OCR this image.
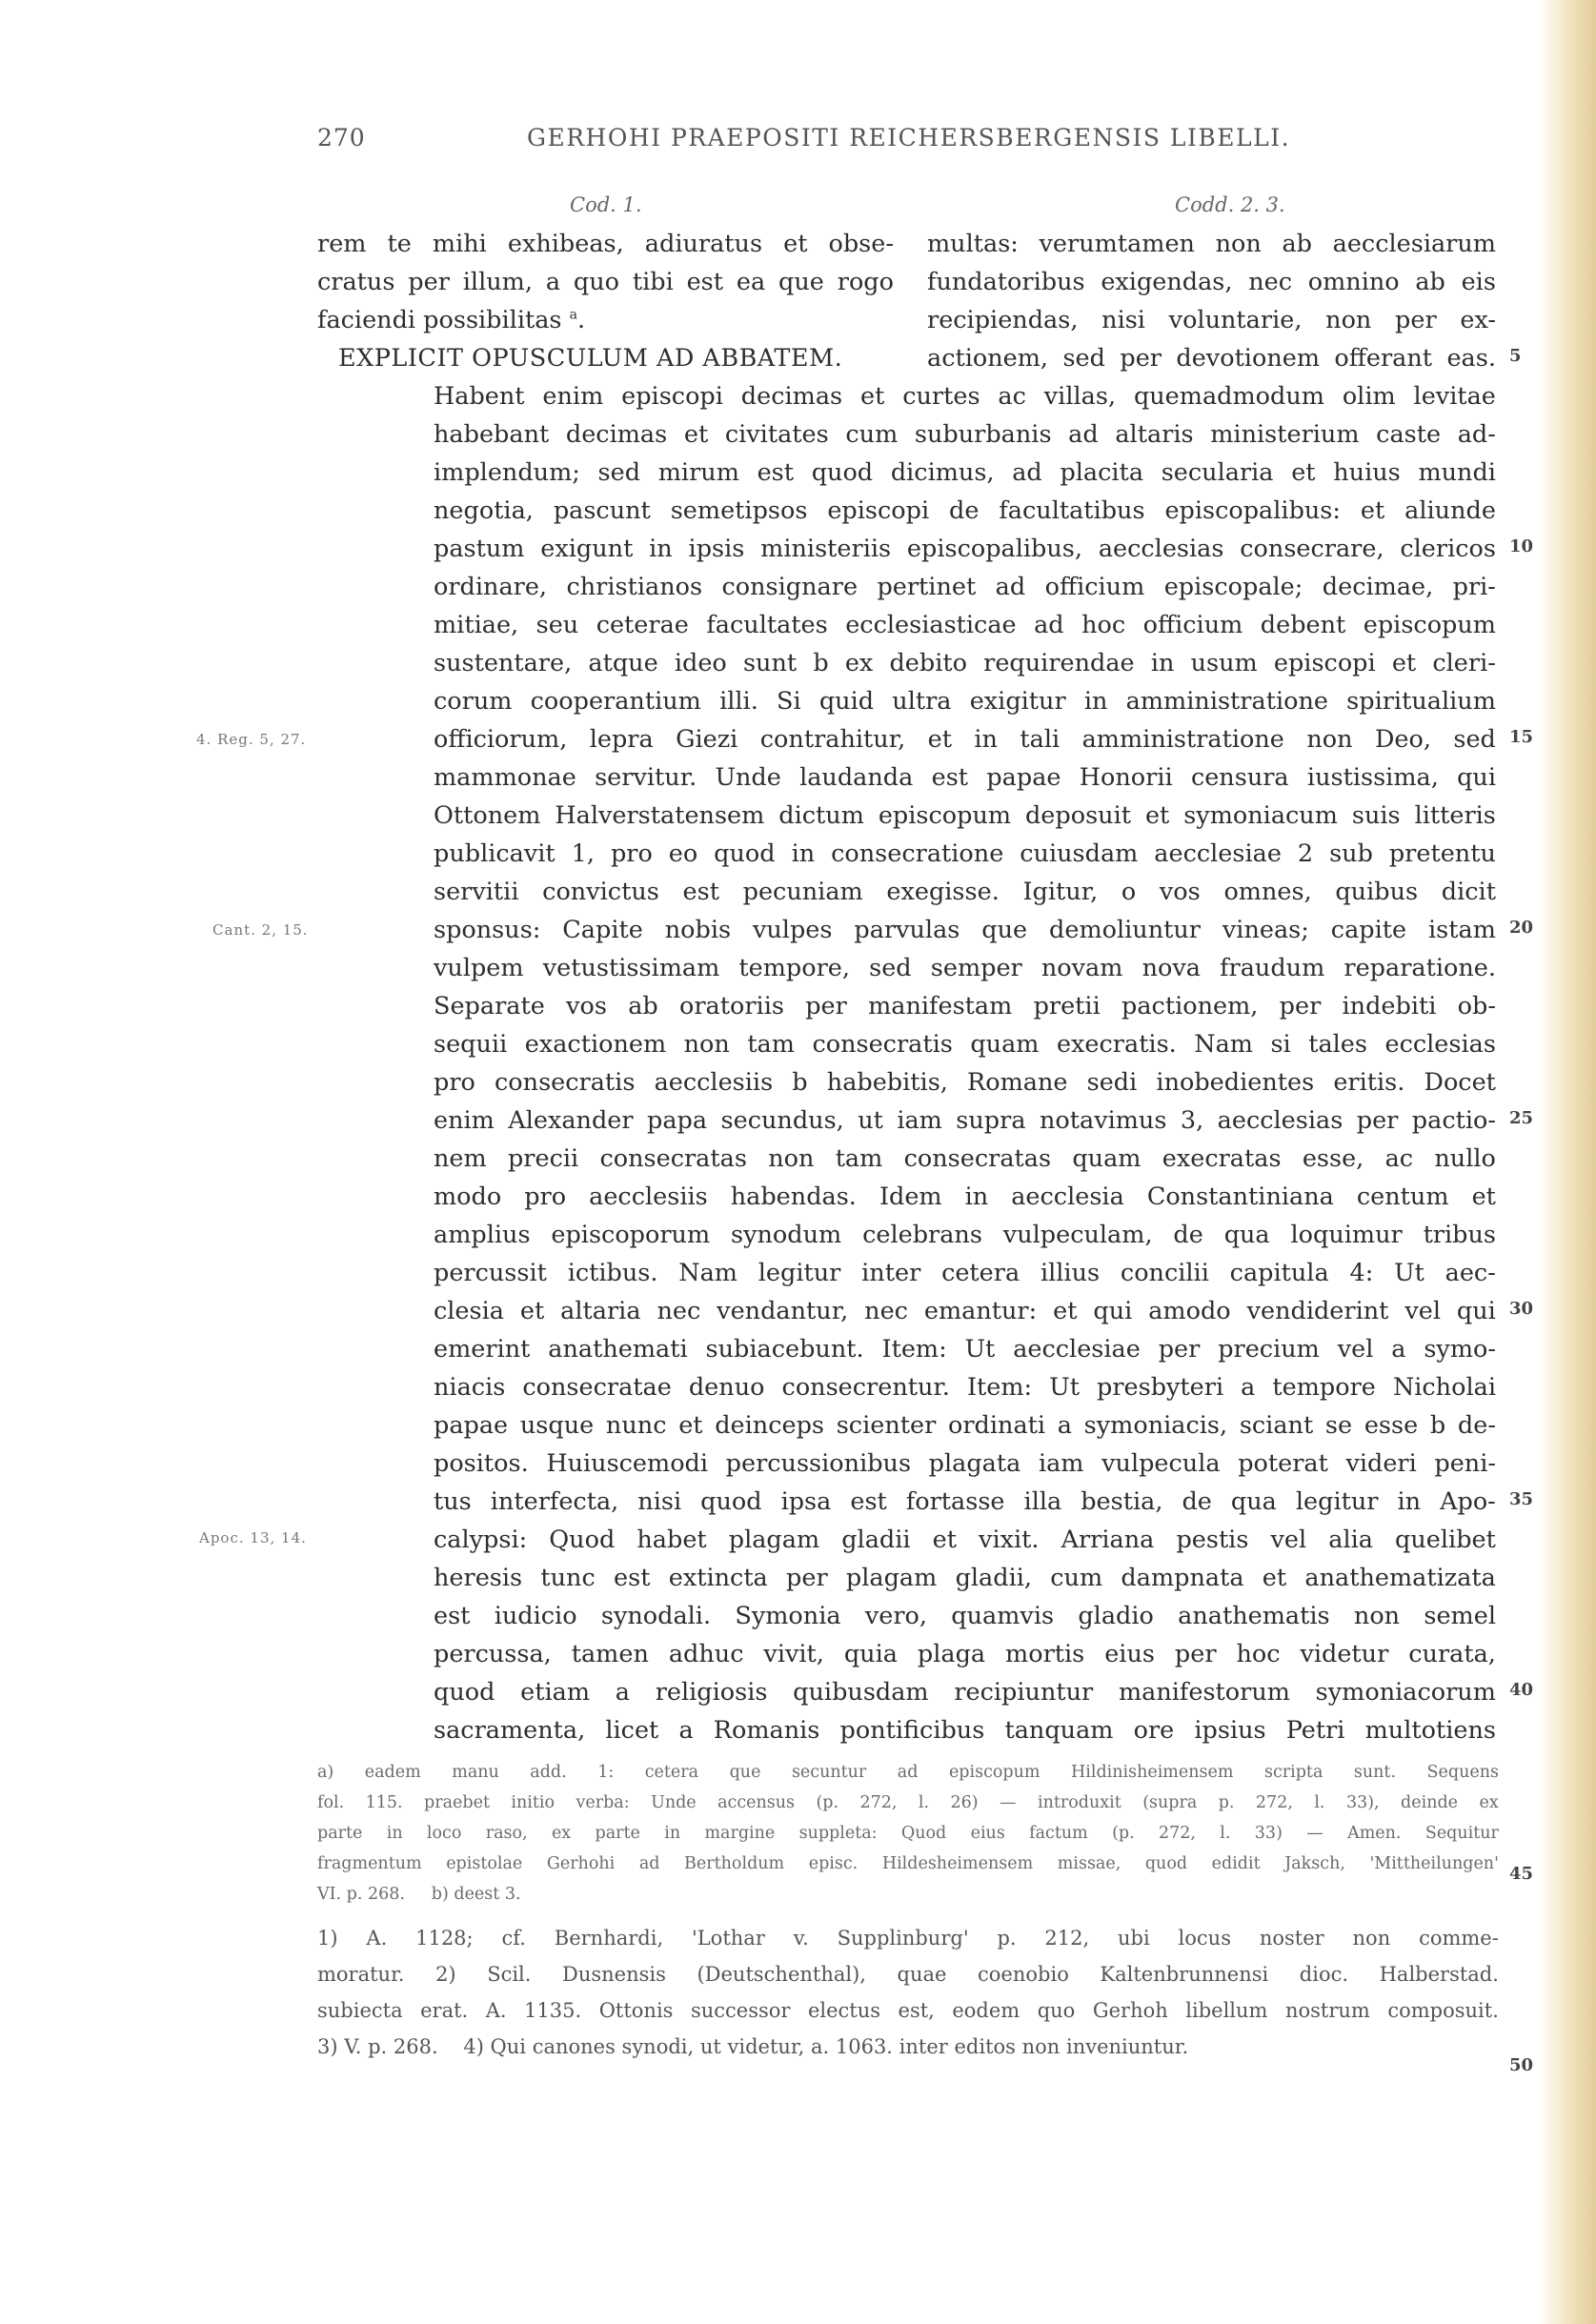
270	GERHOHI PRAEPOSITI REICHERSBERGENSIS LIBELLI.
Cod. 1.	Codd. 2. 3.
rem te mihi exhibeas, adiuratus et obse-
cratus per illum, a quo tibi est ea que rogo
faciendi possibilitas $^a$.
EXPLICIT OPUSCULUM AD ABBATEM.
multas: verumtamen non ab aecclesiarum
fundatoribus exigendas, nec omnino ab eis
recipiendas, nisi voluntarie, non per ex-
actionem, sed per devotionem offerant eas.
Habent enim episcopi decimas et curtes ac villas, quemadmodum olim levitae
habebant decimas et civitates cum suburbanis ad altaris ministerium caste ad-
implendum; sed mirum est quod dicimus, ad placita secularia et huius mundi
negotia, pascunt semetipsos episcopi de facultatibus episcopalibus: et aliunde
pastum exigunt in ipsis ministeriis episcopalibus, aecclesias consecrare, clericos
ordinare, christianos consignare pertinet ad officium episcopale; decimae, pri-
mitiae, seu ceterae facultates ecclesiasticae ad hoc officium debent episcopum
sustentare, atque ideo sunt b ex debito requirendae in usum episcopi et cleri-
corum cooperantium illi. Si quid ultra exigitur in amministratione spiritualium
officiorum, lepra Giezi contrahitur, et in tali amministratione non Deo, sed
mammonae servitur. Unde laudanda est papae Honorii censura iustissima, qui
Ottonem Halverstatensem dictum episcopum deposuit et symoniacum suis litteris
publicavit 1, pro eo quod in consecratione cuiusdam aecclesiae 2 sub pretentu
servitii convictus est pecuniam exegisse. Igitur, o vos omnes, quibus dicit
sponsus: Capite nobis vulpes parvulas que demoliuntur vineas; capite istam
vulpem vetustissimam tempore, sed semper novam nova fraudum reparatione.
Separate vos ab oratoriis per manifestam pretii pactionem, per indebiti ob-
sequii exactionem non tam consecratis quam execratis. Nam si tales ecclesias
pro consecratis aecclesiis b habebitis, Romane sedi inobedientes eritis. Docet
enim Alexander papa secundus, ut iam supra notavimus 3, aecclesias per pactio-
nem precii consecratas non tam consecratas quam execratas esse, ac nullo
modo pro aecclesiis habendas. Idem in aecclesia Constantiniana centum et
amplius episcoporum synodum celebrans vulpeculam, de qua loquimur tribus
percussit ictibus. Nam legitur inter cetera illius concilii capitula 4: Ut aec-
clesia et altaria nec vendantur, nec emantur: et qui amodo vendiderint vel qui
emerint anathemati subiacebunt. Item: Ut aecclesiae per precium vel a symo-
niacis consecratae denuo consecrentur. Item: Ut presbyteri a tempore Nicholai
papae usque nunc et deinceps scienter ordinati a symoniacis, sciant se esse b de-
positos. Huiuscemodi percussionibus plagata iam vulpecula poterat videri peni-
tus interfecta, nisi quod ipsa est fortasse illa bestia, de qua legitur in Apo-
calypsi: Quod habet plagam gladii et vixit. Arriana pestis vel alia quelibet
heresis tunc est extincta per plagam gladii, cum dampnata et anathematizata
est iudicio synodali. Symonia vero, quamvis gladio anathematis non semel
percussa, tamen adhuc vivit, quia plaga mortis eius per hoc videtur curata,
quod etiam a religiosis quibusdam recipiuntur manifestorum symoniacorum
sacramenta, licet a Romanis pontificibus tanquam ore ipsius Petri multotiens
5
10
15
20
25
30
35
40
45
50
4. Reg. 5, 27.
Cant. 2, 15.
Apoc. 13, 14.
a) eadem manu add. 1: cetera que secuntur ad episcopum Hildinisheimensem scripta sunt. Sequens
fol. 115. praebet initio verba: Unde accensus (p. 272, l. 26) — introduxit (supra p. 272, l. 33), deinde ex
parte in loco raso, ex parte in margine suppleta: Quod eius factum (p. 272, l. 33) — Amen. Sequitur
fragmentum epistolae Gerhohi ad Bertholdum episc. Hildesheimensem missae, quod edidit Jaksch, 'Mittheilungen'
VI. p. 268.     b) deest 3.
1) A. 1128; cf. Bernhardi, 'Lothar v. Supplinburg' p. 212, ubi locus noster non comme-
moratur. 2) Scil. Dusnensis (Deutschenthal), quae coenobio Kaltenbrunnensi dioc. Halberstad.
subiecta erat. A. 1135. Ottonis successor electus est, eodem quo Gerhoh libellum nostrum composuit.
3) V. p. 268.    4) Qui canones synodi, ut videtur, a. 1063. inter editos non inveniuntur.
